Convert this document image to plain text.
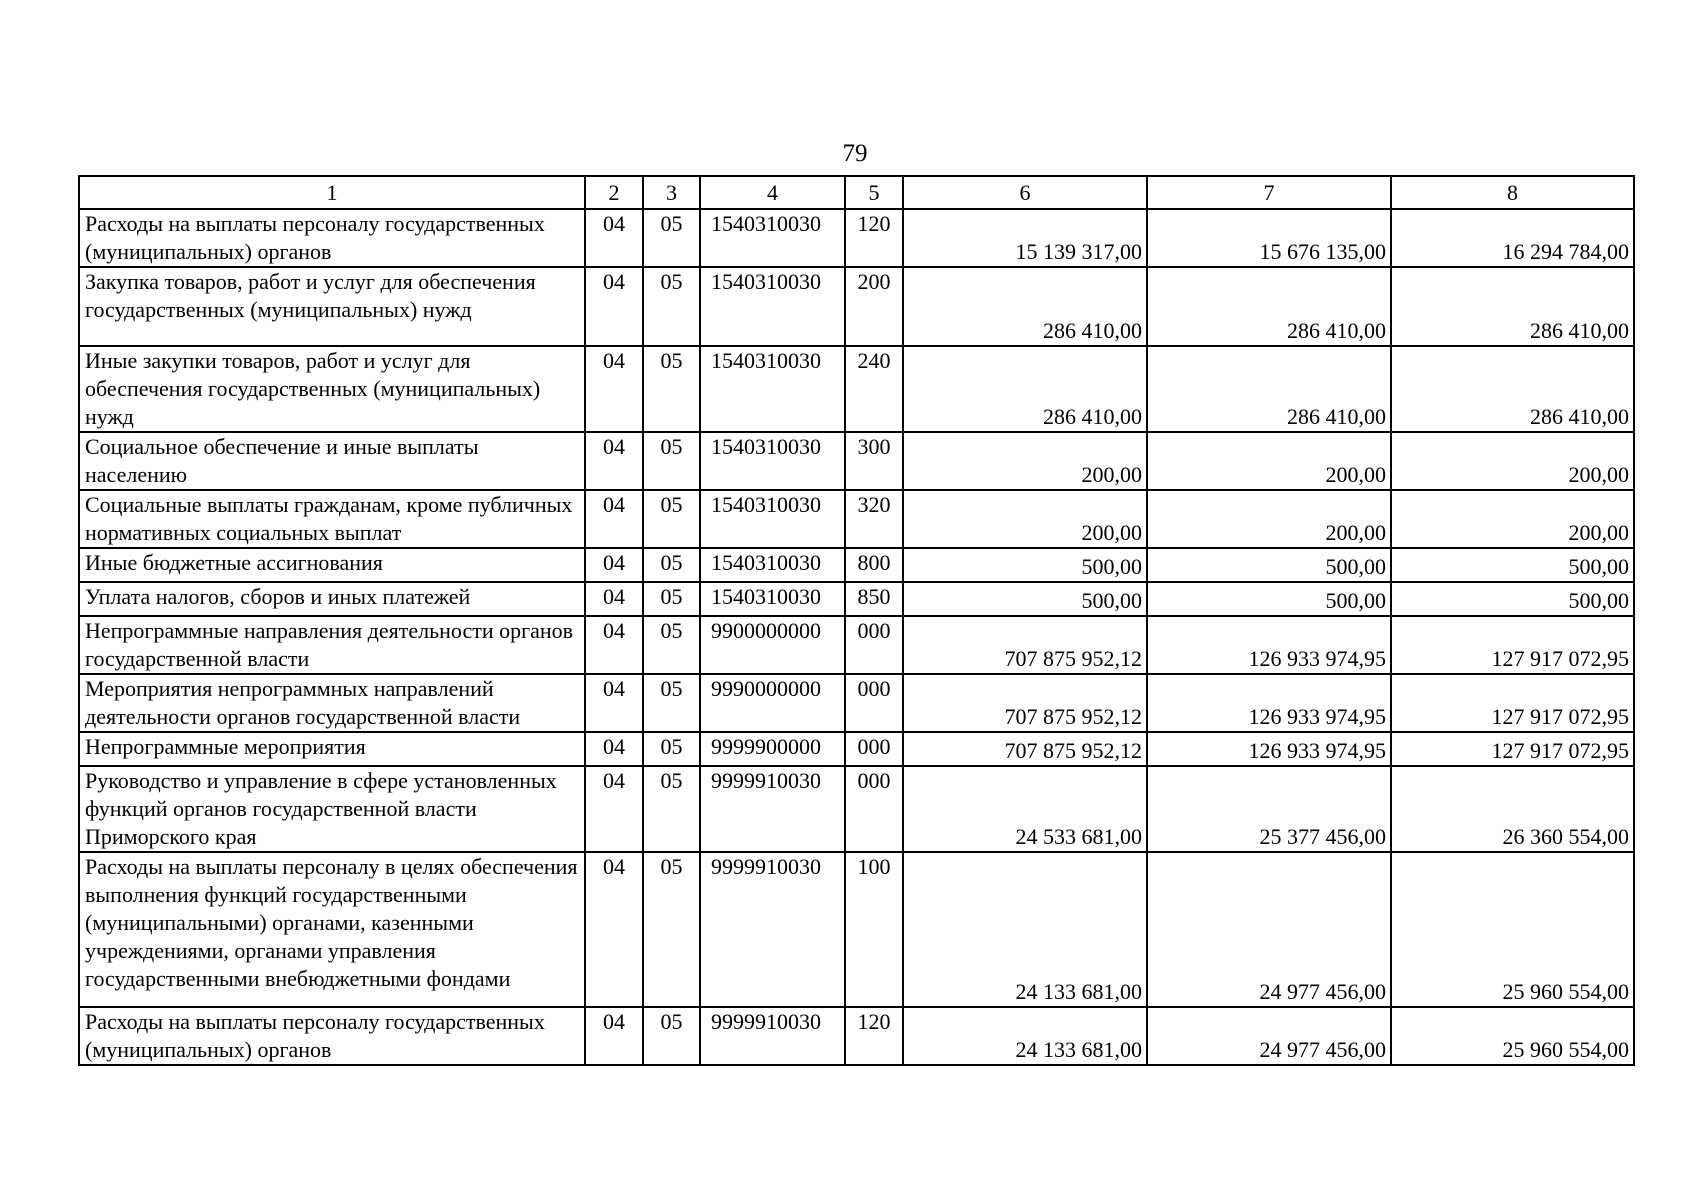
79
1	2	3	4	5	6	7	8
Расходы на выплаты персоналу государственных (муниципальных) органов	04	05	1540310030	120	15 139 317,00	15 676 135,00	16 294 784,00
Закупка товаров, работ и услуг для обеспечения государственных (муниципальных) нужд	04	05	1540310030	200	286 410,00	286 410,00	286 410,00
Иные закупки товаров, работ и услуг для обеспечения государственных (муниципальных) нужд	04	05	1540310030	240	286 410,00	286 410,00	286 410,00
Социальное обеспечение и иные выплаты населению	04	05	1540310030	300	200,00	200,00	200,00
Социальные выплаты гражданам, кроме публичных нормативных социальных выплат	04	05	1540310030	320	200,00	200,00	200,00
Иные бюджетные ассигнования	04	05	1540310030	800	500,00	500,00	500,00
Уплата налогов, сборов и иных платежей	04	05	1540310030	850	500,00	500,00	500,00
Непрограммные направления деятельности органов государственной власти	04	05	9900000000	000	707 875 952,12	126 933 974,95	127 917 072,95
Мероприятия непрограммных направлений деятельности органов государственной власти	04	05	9990000000	000	707 875 952,12	126 933 974,95	127 917 072,95
Непрограммные мероприятия	04	05	9999900000	000	707 875 952,12	126 933 974,95	127 917 072,95
Руководство и управление в сфере установленных функций органов государственной власти Приморского края	04	05	9999910030	000	24 533 681,00	25 377 456,00	26 360 554,00
Расходы на выплаты персоналу в целях обеспечения выполнения функций государственными (муниципальными) органами, казенными учреждениями, органами управления государственными внебюджетными фондами	04	05	9999910030	100	24 133 681,00	24 977 456,00	25 960 554,00
Расходы на выплаты персоналу государственных (муниципальных) органов	04	05	9999910030	120	24 133 681,00	24 977 456,00	25 960 554,00
